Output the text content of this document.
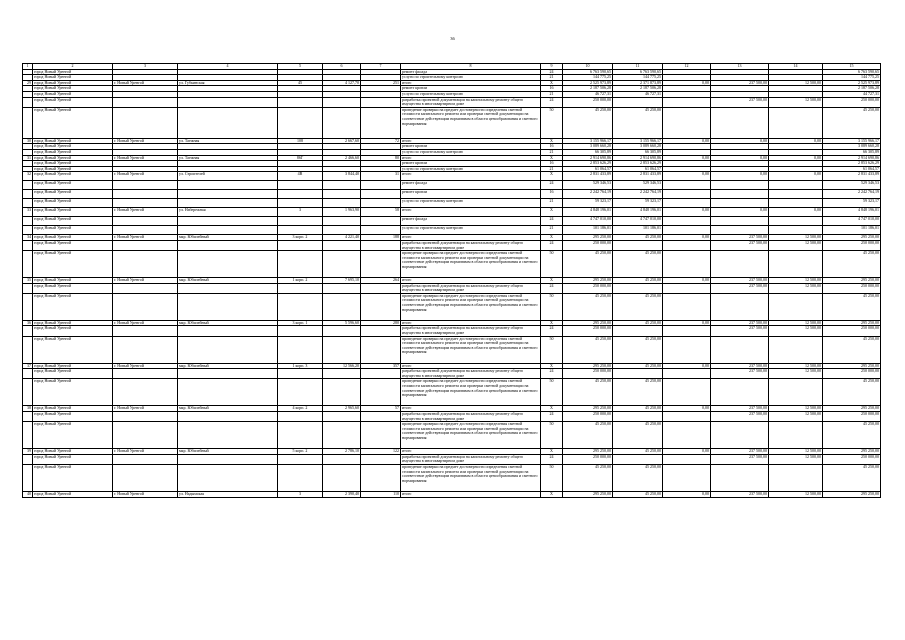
36
1	2	3	4	5	6	7	8	9	10	11	12	13	14	15
	город Новый Уренгой						ремонт фасада	24	6 763 590,65	6 763 590,65				6 763 590,65
	город Новый Уренгой						услуги по строительному контролю	21	144 775,25	144 775,25				144 775,25
29	город Новый Уренгой	г. Новый Уренгой	ул. Губкинская	45	4 127,70	251	итого	X	2 525 973,89	2 371 873,89	0,00	237 500,00	12 500,00	2 525 973,89
	город Новый Уренгой						ремонт кровли	16	2 187 506,28	2 187 506,28				2 187 506,28
	город Новый Уренгой						услуги по строительному контролю	21	46 727,31	46 727,31				44 727,31
	город Новый Уренгой						разработка проектной документации на капитальному ремонту общего имущества в многоквартирном доме	24	250 000,00			237 500,00	12 500,00	250 000,00
	город Новый Уренгой						проведение проверки на предмет достоверности определения сметной стоимости капитального ремонта или проверки сметной документации на соответствие действующим нормативам в области ценообразования и сметного нормирования	50	45 250,00	45 250,00				45 250,00
30	город Новый Уренгой	г. Новый Уренгой	ул. Таежная	108	2 667,60	72	итого	X	3 155 966,17	3 155 966,17	0,00	0,00	0,00	3 155 966,17
	город Новый Уренгой						ремонт кровли	16	3 089 660,28	3 089 660,28				3 089 660,28
	город Новый Уренгой						услуги по строительному контролю	21	66 305,89	66 305,89				66 305,89
31	город Новый Уренгой	г. Новый Уренгой	ул. Таежная	86Г	2 466,60	80	итого	X	2 914 690,86	2 914 690,86	0,00	0,00	0,00	2 914 690,86
	город Новый Уренгой						ремонт кровли	16	2 853 626,29	2 853 626,29				2 853 626,29
	город Новый Уренгой						услуги по строительному контролю	21	61 064,57	61 064,57				61 064,57
32	город Новый Уренгой	г. Новый Уренгой	ул. Строителей	4В	3 844,40	31	итого	X	2 831 433,89	2 831 433,89	0,00	0,00	0,00	2 831 433,89
	город Новый Уренгой						ремонт фасада	24	529 346,53	529 346,53				529 346,53
	город Новый Уренгой						ремонт кровли	16	2 242 764,19	2 242 764,19				2 242 764,19
	город Новый Уренгой						услуги по строительному контролю	21	59 323,17	59 323,17				59 323,17
33	город Новый Уренгой	г. Новый Уренгой	ул. Набережная	3	1 963,90	58	итого	X	4 848 196,01	4 848 196,01	0,00	0,00	0,00	4 848 196,01
	город Новый Уренгой						ремонт фасада	24	4 747 010,00	4 747 010,00				4 747 010,00
	город Новый Уренгой						услуги по строительному контролю	21	101 186,01	101 186,01				101 186,01
34	город Новый Уренгой	г. Новый Уренгой	мкр. Юбилейный	3 корп. 2	4 221,40	188	итого	X	295 250,00	45 250,00	0,00	237 500,00	12 500,00	295 250,00
	город Новый Уренгой						разработка проектной документации на капитальному ремонту общего имущества в многоквартирном доме	24	250 000,00			237 500,00	12 500,00	250 000,00
	город Новый Уренгой						проведение проверки на предмет достоверности определения сметной стоимости капитального ремонта или проверки сметной документации на соответствие действующим нормативам в области ценообразования и сметного нормирования	50	45 250,00	45 250,00				45 250,00
35	город Новый Уренгой	г. Новый Уренгой	мкр. Юбилейный	1 корп. 2	7 695,10	264	итого	X	295 250,00	45 250,00	0,00	237 500,00	12 500,00	295 250,00
	город Новый Уренгой						разработка проектной документации на капитальному ремонту общего имущества в многоквартирном доме	24	250 000,00			237 500,00	12 500,00	250 000,00
	город Новый Уренгой						проведение проверки на предмет достоверности определения сметной стоимости капитального ремонта или проверки сметной документации на соответствие действующим нормативам в области ценообразования и сметного нормирования	50	45 250,00	45 250,00				45 250,00
36	город Новый Уренгой	г. Новый Уренгой	мкр. Юбилейный	3 корп. 1	5 596,60	280	итого	X	295 250,00	45 250,00	0,00	237 500,00	12 500,00	295 250,00
	город Новый Уренгой						разработка проектной документации на капитальному ремонту общего имущества в многоквартирном доме	24	250 000,00			237 500,00	12 500,00	250 000,00
	город Новый Уренгой						проведение проверки на предмет достоверности определения сметной стоимости капитального ремонта или проверки сметной документации на соответствие действующим нормативам в области ценообразования и сметного нормирования	50	45 250,00	45 250,00				45 250,00
37	город Новый Уренгой	г. Новый Уренгой	мкр. Юбилейный	1 корп. 3	12 566,20	357	итого	X	295 250,00	45 250,00	0,00	237 500,00	12 500,00	295 250,00
	город Новый Уренгой						разработка проектной документации на капитальному ремонту общего имущества в многоквартирном доме	24	250 000,00			237 500,00	12 500,00	250 000,00
	город Новый Уренгой						проведение проверки на предмет достоверности определения сметной стоимости капитального ремонта или проверки сметной документации на соответствие действующим нормативам в области ценообразования и сметного нормирования	50	45 250,00	45 250,00				45 250,00
38	город Новый Уренгой	г. Новый Уренгой	мкр. Юбилейный	4 корп. 2	2 965,60	57	итого	X	295 250,00	45 250,00	0,00	237 500,00	12 500,00	295 250,00
	город Новый Уренгой						разработка проектной документации на капитальному ремонту общего имущества в многоквартирном доме	24	250 000,00			237 500,00	12 500,00	250 000,00
	город Новый Уренгой						проведение проверки на предмет достоверности определения сметной стоимости капитального ремонта или проверки сметной документации на соответствие действующим нормативам в области ценообразования и сметного нормирования	50	45 250,00	45 250,00				45 250,00
39	город Новый Уренгой	г. Новый Уренгой	мкр. Юбилейный	5 корп. 2	2 786,10	122	итого	X	295 250,00	45 250,00	0,00	237 500,00	12 500,00	295 250,00
	город Новый Уренгой						разработка проектной документации на капитальному ремонту общего имущества в многоквартирном доме	24	250 000,00			237 500,00	12 500,00	250 000,00
	город Новый Уренгой						проведение проверки на предмет достоверности определения сметной стоимости капитального ремонта или проверки сметной документации на соответствие действующим нормативам в области ценообразования и сметного нормирования	50	45 250,00	45 250,00				45 250,00
40	город Новый Уренгой	г. Новый Уренгой	ул. Надымская	3	2 390,40	110	итого	X	295 250,00	45 250,00	0,00	237 500,00	12 500,00	295 250,00
